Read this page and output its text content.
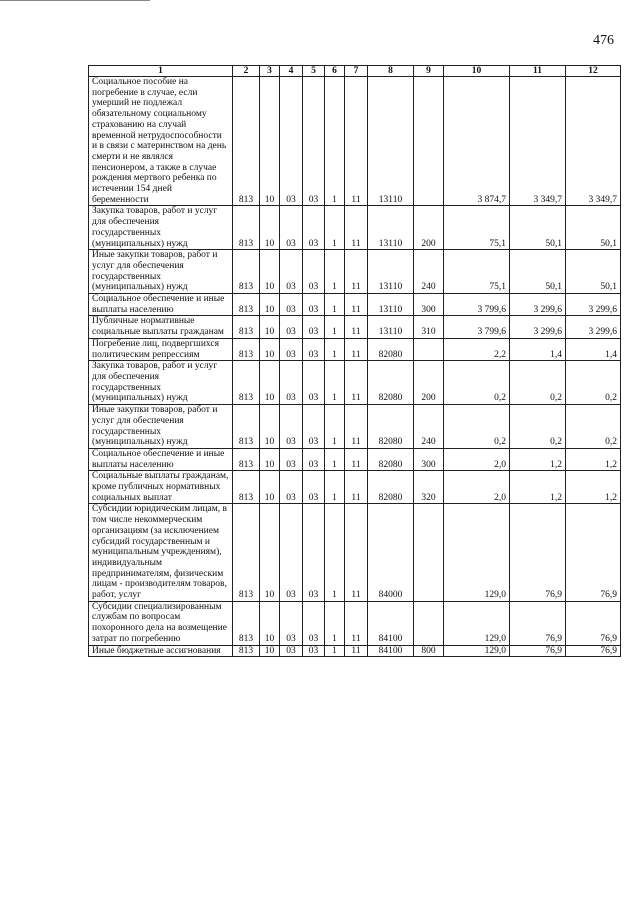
476
1	2	3	4	5	6	7	8	9	10	11	12
Социальное пособие на погребение в случае, если умерший не подлежал обязательному социальному страхованию на случай временной нетрудоспособности и в связи с материнством на день смерти и не являлся пенсионером, а также в случае рождения мертвого ребенка по истечении 154 дней беременности	813	10	03	03	1	11	13110		3 874,7	3 349,7	3 349,7
Закупка товаров, работ и услуг для обеспечения государственных (муниципальных) нужд	813	10	03	03	1	11	13110	200	75,1	50,1	50,1
Иные закупки товаров, работ и услуг для обеспечения государственных (муниципальных) нужд	813	10	03	03	1	11	13110	240	75,1	50,1	50,1
Социальное обеспечение и иные выплаты населению	813	10	03	03	1	11	13110	300	3 799,6	3 299,6	3 299,6
Публичные нормативные социальные выплаты гражданам	813	10	03	03	1	11	13110	310	3 799,6	3 299,6	3 299,6
Погребение лиц, подвергшихся политическим репрессиям	813	10	03	03	1	11	82080		2,2	1,4	1,4
Закупка товаров, работ и услуг для обеспечения государственных (муниципальных) нужд	813	10	03	03	1	11	82080	200	0,2	0,2	0,2
Иные закупки товаров, работ и услуг для обеспечения государственных (муниципальных) нужд	813	10	03	03	1	11	82080	240	0,2	0,2	0,2
Социальное обеспечение и иные выплаты населению	813	10	03	03	1	11	82080	300	2,0	1,2	1,2
Социальные выплаты гражданам, кроме публичных нормативных социальных выплат	813	10	03	03	1	11	82080	320	2,0	1,2	1,2
Субсидии юридическим лицам, в том числе некоммерческим организациям (за исключением субсидий государственным и муниципальным учреждениям), индивидуальным предпринимателям, физическим лицам - производителям товаров, работ, услуг	813	10	03	03	1	11	84000		129,0	76,9	76,9
Субсидии специализированным службам по вопросам похоронного дела на возмещение затрат по погребению	813	10	03	03	1	11	84100		129,0	76,9	76,9
Иные бюджетные ассигнования	813	10	03	03	1	11	84100	800	129,0	76,9	76,9
